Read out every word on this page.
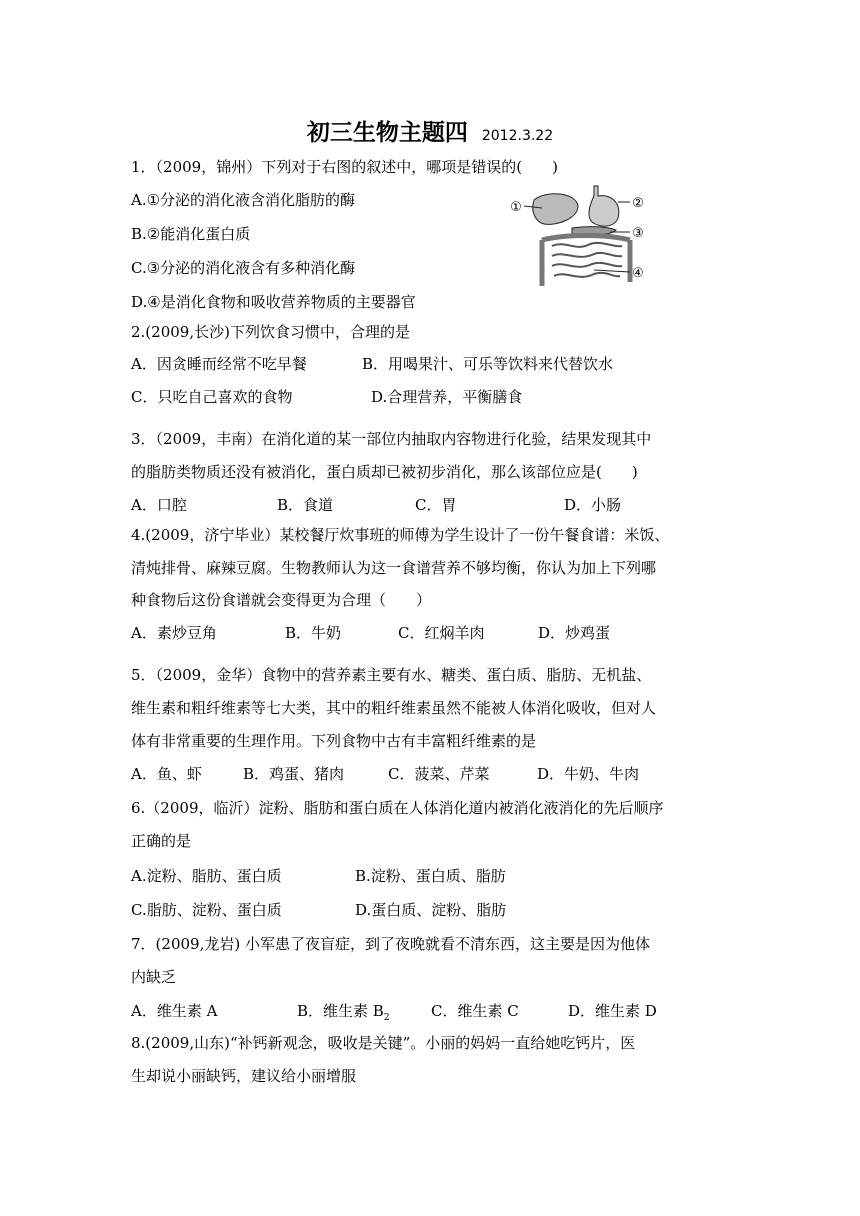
初三生物主题四 2012.3.22
1．（2009，锦州）下列对于右图的叙述中，哪项是错误的(　　)
A.①分泌的消化液含消化脂肪的酶
B.②能消化蛋白质
C.③分泌的消化液含有多种消化酶
D.④是消化食物和吸收营养物质的主要器官
①	②
③
④
2.(2009,长沙)下列饮食习惯中，合理的是
A．因贪睡而经常不吃早餐	B．用喝果汁、可乐等饮料来代替饮水
C．只吃自己喜欢的食物	D.合理营养，平衡膳食
3．（2009，丰南）在消化道的某一部位内抽取内容物进行化验，结果发现其中
的脂肪类物质还没有被消化，蛋白质却已被初步消化，那么该部位应是(　　)
A．口腔	B．食道	C．胃	D．小肠
4.(2009，济宁毕业）某校餐厅炊事班的师傅为学生设计了一份午餐食谱：米饭、
清炖排骨、麻辣豆腐。生物教师认为这一食谱营养不够均衡，你认为加上下列哪
种食物后这份食谱就会变得更为合理（　　）
A．素炒豆角	B．牛奶	C．红焖羊肉	D．炒鸡蛋
5．（2009，金华）食物中的营养素主要有水、糖类、蛋白质、脂肪、无机盐、
维生素和粗纤维素等七大类，其中的粗纤维素虽然不能被人体消化吸收，但对人
体有非常重要的生理作用。下列食物中古有丰富粗纤维素的是
A．鱼、虾	B．鸡蛋、猪肉	C．菠菜、芹菜	D．牛奶、牛肉
6.（2009，临沂）淀粉、脂肪和蛋白质在人体消化道内被消化液消化的先后顺序
正确的是
A.淀粉、脂肪、蛋白质	B.淀粉、蛋白质、脂肪
C.脂肪、淀粉、蛋白质	D.蛋白质、淀粉、脂肪
7．(2009,龙岩) 小军患了夜盲症，到了夜晚就看不清东西，这主要是因为他体
内缺乏
A．维生素 A	B．维生素 $B_2$	C．维生素 C	D．维生素 D
8.(2009,山东)“补钙新观念，吸收是关键”。小丽的妈妈一直给她吃钙片，医
生却说小丽缺钙，建议给小丽增服
